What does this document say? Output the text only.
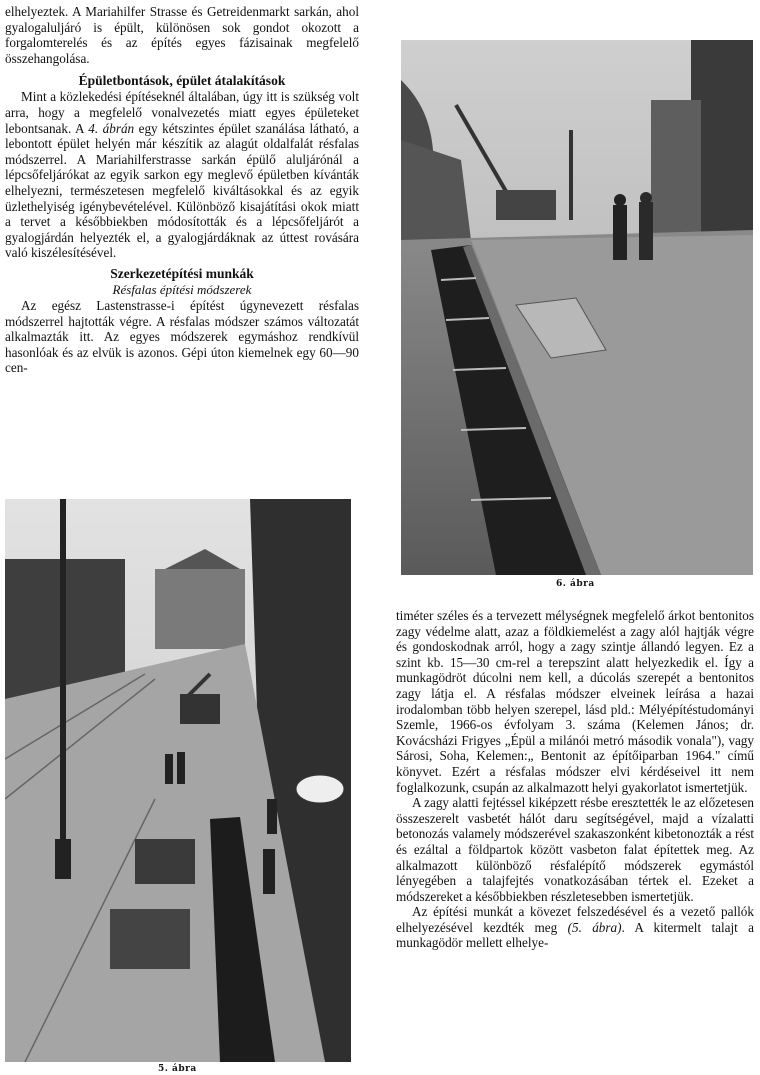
elhelyeztek. A Mariahilfer Strasse és Getreidenmarkt sarkán, ahol gyalogaluljáró is épült, különösen sok gondot okozott a forgalomterelés és az építés egyes fázisainak megfelelő összehangolása.

Épületbontások, épület átalakítások

Mint a közlekedési építéseknél általában, úgy itt is szükség volt arra, hogy a megfelelő vonalvezetés miatt egyes épületeket lebontsanak. A 4. ábrán egy kétszintes épület szanálása látható, a lebontott épület helyén már készítik az alagút oldalfalát résfalas módszerrel. A Mariahilferstrasse sarkán épülő aluljárónál a lépcsőfeljárókat az egyik sarkon egy meglevő épületben kívánták elhelyezni, természetesen megfelelő kiváltásokkal és az egyik üzlethelyiség igénybevételével. Különböző kisajátítási okok miatt a tervet a későbbiekben módosították és a lépcsőfeljárót a gyalogjárdán helyezték el, a gyalogjárdáknak az úttest rovására való kiszélesítésével.

Szerkezetépítési munkák
Résfalas építési módszerek

Az egész Lastenstrasse-i építést úgynevezett résfalas módszerrel hajtották végre. A résfalas módszer számos változatát alkalmazták itt. Az egyes módszerek egymáshoz rendkívül hasonlóak és az elvük is azonos. Gépi úton kiemelnek egy 60—90 cen-

6. ábra
5. ábra

timéter széles és a tervezett mélységnek megfelelő árkot bentonitos zagy védelme alatt, azaz a földkiemelést a zagy alól hajtják végre és gondoskodnak arról, hogy a zagy szintje állandó legyen. Ez a szint kb. 15—30 cm-rel a terepszint alatt helyezkedik el. Így a munkagödröt dúcolni nem kell, a dúcolás szerepét a bentonitos zagy látja el. A résfalas módszer elveinek leírása a hazai irodalomban több helyen szerepel, lásd pld.: Mélyépítéstudományi Szemle, 1966-os évfolyam 3. száma (Kelemen János; dr. Kovácsházi Frigyes „Épül a milánói metró második vonala"), vagy Sárosi, Soha, Kelemen:„ Bentonit az építőiparban 1964." című könyvet. Ezért a résfalas módszer elvi kérdéseivel itt nem foglalkozunk, csupán az alkalmazott helyi gyakorlatot ismertetjük.

A zagy alatti fejtéssel kiképzett résbe eresztették le az előzetesen összeszerelt vasbetét hálót daru segítségével, majd a vízalatti betonozás valamely módszerével szakaszonként kibetonozták a rést és ezáltal a földpartok között vasbeton falat építettek meg. Az alkalmazott különböző résfalépítő módszerek egymástól lényegében a talajfejtés vonatkozásában tértek el. Ezeket a módszereket a későbbiekben részletesebben ismertetjük.

Az építési munkát a kövezet felszedésével és a vezető pallók elhelyezésével kezdték meg (5. ábra). A kitermelt talajt a munkagödör mellett elhelye-
